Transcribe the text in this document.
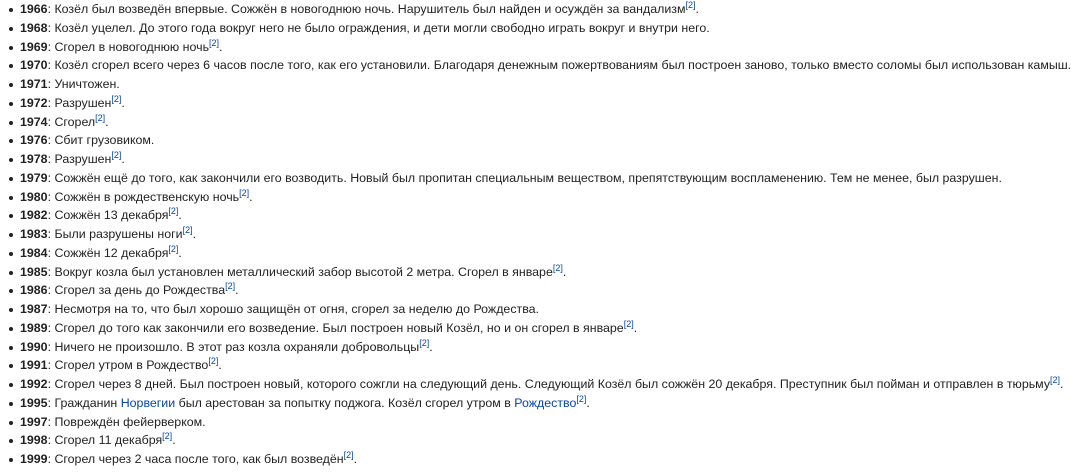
1966: Козёл был возведён впервые. Сожжён в новогоднюю ночь. Нарушитель был найден и осуждён за вандализм[2].
1968: Козёл уцелел. До этого года вокруг него не было ограждения, и дети могли свободно играть вокруг и внутри него.
1969: Сгорел в новогоднюю ночь[2].
1970: Козёл сгорел всего через 6 часов после того, как его установили. Благодаря денежным пожертвованиям был построен заново, только вместо соломы был использован камыш.
1971: Уничтожен.
1972: Разрушен[2].
1974: Сгорел[2].
1976: Сбит грузовиком.
1978: Разрушен[2].
1979: Сожжён ещё до того, как закончили его возводить. Новый был пропитан специальным веществом, препятствующим воспламенению. Тем не менее, был разрушен.
1980: Сожжён в рождественскую ночь[2].
1982: Сожжён 13 декабря[2].
1983: Были разрушены ноги[2].
1984: Сожжён 12 декабря[2].
1985: Вокруг козла был установлен металлический забор высотой 2 метра. Сгорел в январе[2].
1986: Сгорел за день до Рождества[2].
1987: Несмотря на то, что был хорошо защищён от огня, сгорел за неделю до Рождества.
1989: Сгорел до того как закончили его возведение. Был построен новый Козёл, но и он сгорел в январе[2].
1990: Ничего не произошло. В этот раз козла охраняли добровольцы[2].
1991: Сгорел утром в Рождество[2].
1992: Сгорел через 8 дней. Был построен новый, которого сожгли на следующий день. Следующий Козёл был сожжён 20 декабря. Преступник был пойман и отправлен в тюрьму[2].
1995: Гражданин Норвегии был арестован за попытку поджога. Козёл сгорел утром в Рождество[2].
1997: Повреждён фейерверком.
1998: Сгорел 11 декабря[2].
1999: Сгорел через 2 часа после того, как был возведён[2].
